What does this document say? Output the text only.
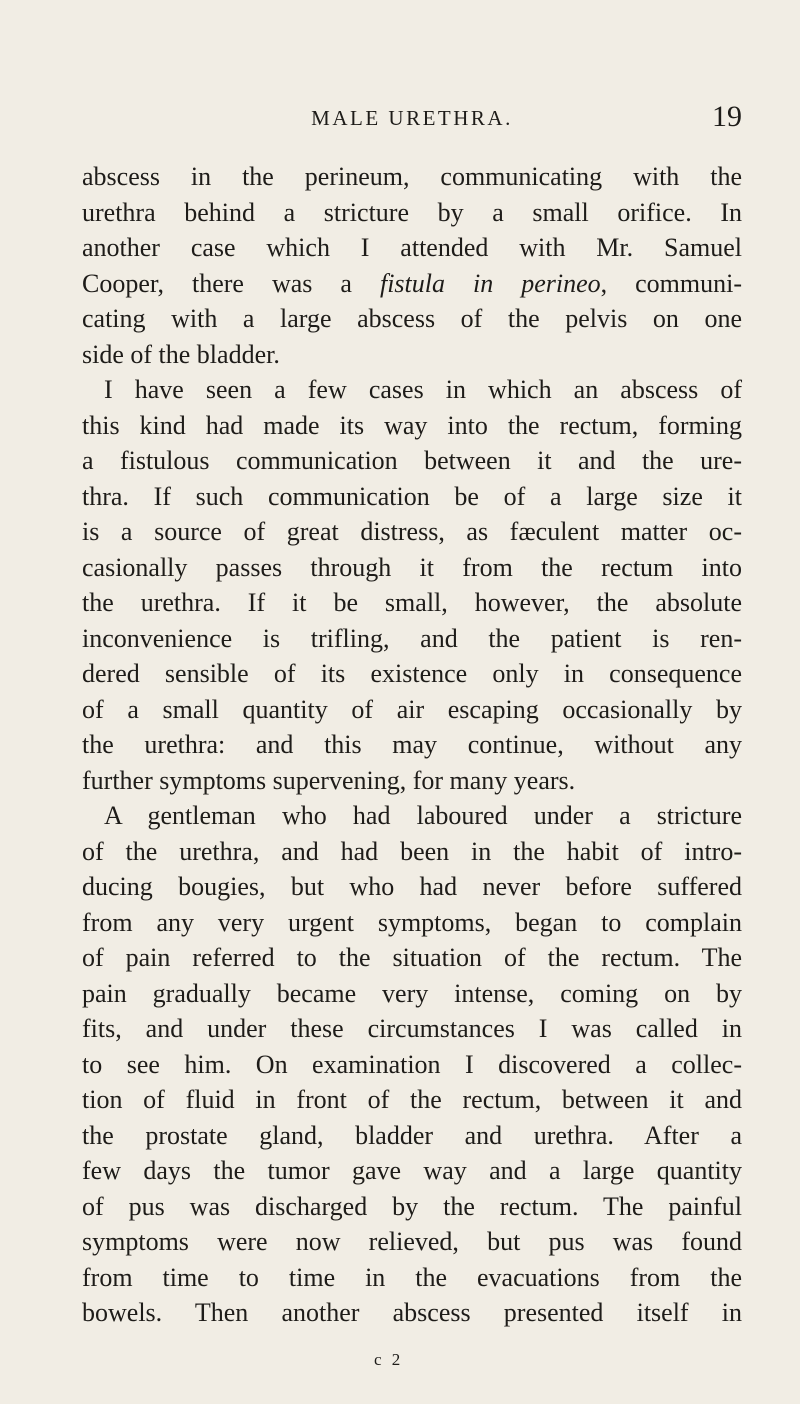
MALE URETHRA.	19
abscess in the perineum, communicating with the
urethra behind a stricture by a small orifice. In
another case which I attended with Mr. Samuel
Cooper, there was a fistula in perineo, communi-
cating with a large abscess of the pelvis on one
side of the bladder.
I have seen a few cases in which an abscess of
this kind had made its way into the rectum, forming
a fistulous communication between it and the ure-
thra. If such communication be of a large size it
is a source of great distress, as fæculent matter oc-
casionally passes through it from the rectum into
the urethra. If it be small, however, the absolute
inconvenience is trifling, and the patient is ren-
dered sensible of its existence only in consequence
of a small quantity of air escaping occasionally by
the urethra: and this may continue, without any
further symptoms supervening, for many years.
A gentleman who had laboured under a stricture
of the urethra, and had been in the habit of intro-
ducing bougies, but who had never before suffered
from any very urgent symptoms, began to complain
of pain referred to the situation of the rectum. The
pain gradually became very intense, coming on by
fits, and under these circumstances I was called in
to see him. On examination I discovered a collec-
tion of fluid in front of the rectum, between it and
the prostate gland, bladder and urethra. After a
few days the tumor gave way and a large quantity
of pus was discharged by the rectum. The painful
symptoms were now relieved, but pus was found
from time to time in the evacuations from the
bowels. Then another abscess presented itself in
c 2
